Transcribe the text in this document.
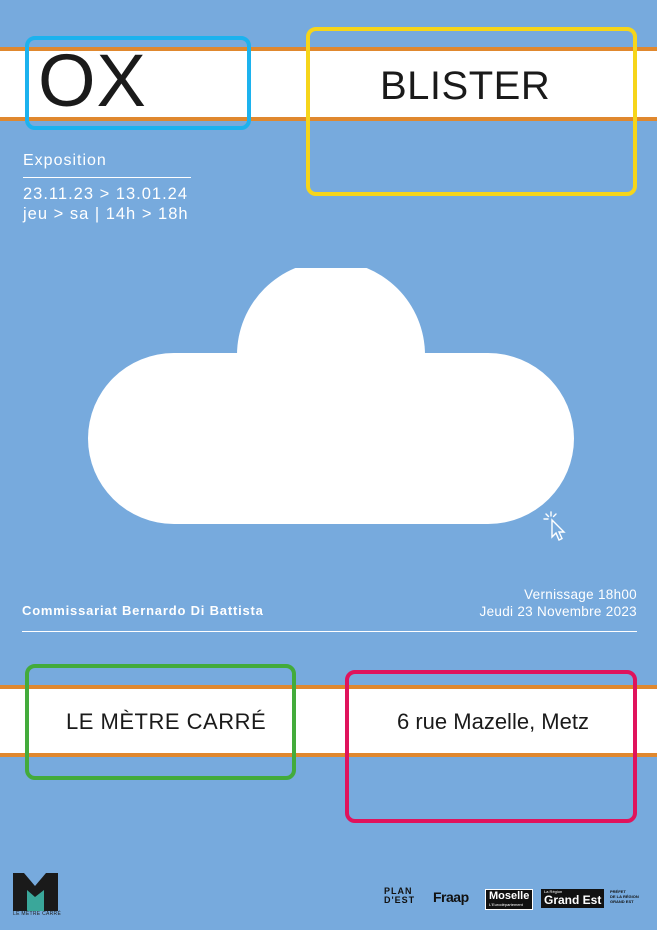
OX	BLISTER
Exposition
23.11.23 > 13.01.24
jeu > sa | 14h > 18h
Commissariat Bernardo Di Battista
Vernissage 18h00
Jeudi 23 Novembre 2023
LE MÈTRE CARRÉ	6 rue Mazelle, Metz
LE MÈTRE CARRÉ
PLAN
D'EST Fraap	Moselle
L'Eurodépartement
La Région
Grand Est
PRÉFET
DE LA RÉGION
GRAND EST
